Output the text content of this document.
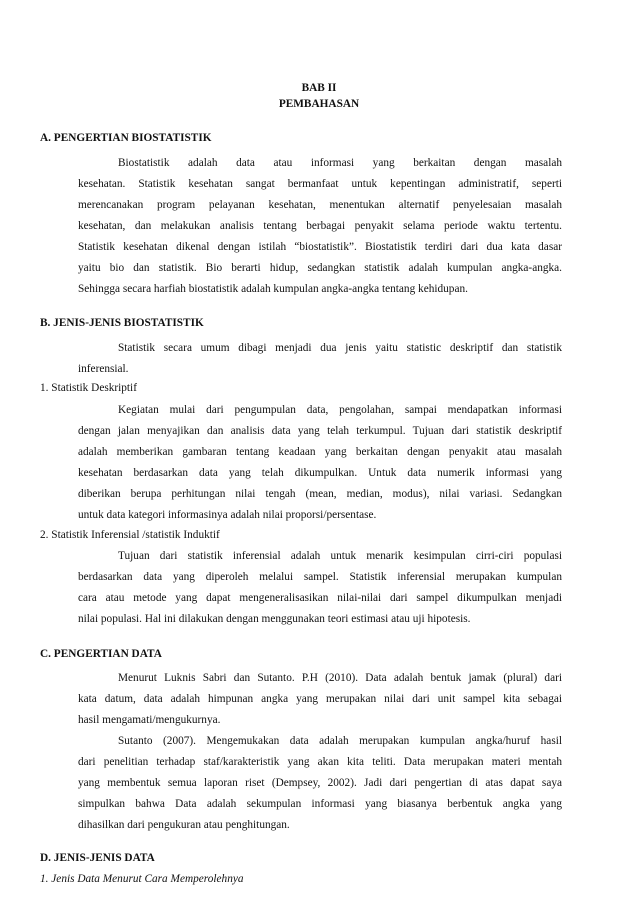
BAB II
PEMBAHASAN
A. PENGERTIAN BIOSTATISTIK
Biostatistik adalah data atau informasi yang berkaitan dengan masalah
kesehatan. Statistik kesehatan sangat bermanfaat untuk kepentingan administratif, seperti
merencanakan program pelayanan kesehatan, menentukan alternatif penyelesaian masalah
kesehatan, dan melakukan analisis tentang berbagai penyakit selama periode waktu tertentu.
Statistik kesehatan dikenal dengan istilah “biostatistik”. Biostatistik terdiri dari dua kata dasar
yaitu bio dan statistik. Bio berarti hidup, sedangkan statistik adalah kumpulan angka-angka.
Sehingga secara harfiah biostatistik adalah kumpulan angka-angka tentang kehidupan.
B. JENIS-JENIS BIOSTATISTIK
Statistik secara umum dibagi menjadi dua jenis yaitu statistic deskriptif dan statistik
inferensial.
1. Statistik Deskriptif
Kegiatan mulai dari pengumpulan data, pengolahan, sampai mendapatkan informasi
dengan jalan menyajikan dan analisis data yang telah terkumpul. Tujuan dari statistik deskriptif
adalah memberikan gambaran tentang keadaan yang berkaitan dengan penyakit atau masalah
kesehatan berdasarkan data yang telah dikumpulkan. Untuk data numerik informasi yang
diberikan berupa perhitungan nilai tengah (mean, median, modus), nilai variasi. Sedangkan
untuk data kategori informasinya adalah nilai proporsi/persentase.
2. Statistik Inferensial /statistik Induktif
Tujuan dari statistik inferensial adalah untuk menarik kesimpulan cirri-ciri populasi
berdasarkan data yang diperoleh melalui sampel. Statistik inferensial merupakan kumpulan
cara atau metode yang dapat mengeneralisasikan nilai-nilai dari sampel dikumpulkan menjadi
nilai populasi. Hal ini dilakukan dengan menggunakan teori estimasi atau uji hipotesis.
C. PENGERTIAN DATA
Menurut Luknis Sabri dan Sutanto. P.H (2010). Data adalah bentuk jamak (plural) dari
kata datum, data adalah himpunan angka yang merupakan nilai dari unit sampel kita sebagai
hasil mengamati/mengukurnya.
Sutanto (2007). Mengemukakan data adalah merupakan kumpulan angka/huruf hasil
dari penelitian terhadap staf/karakteristik yang akan kita teliti. Data merupakan materi mentah
yang membentuk semua laporan riset (Dempsey, 2002). Jadi dari pengertian di atas dapat saya
simpulkan bahwa Data adalah sekumpulan informasi yang biasanya berbentuk angka yang
dihasilkan dari pengukuran atau penghitungan.
D. JENIS-JENIS DATA
1. Jenis Data Menurut Cara Memperolehnya
